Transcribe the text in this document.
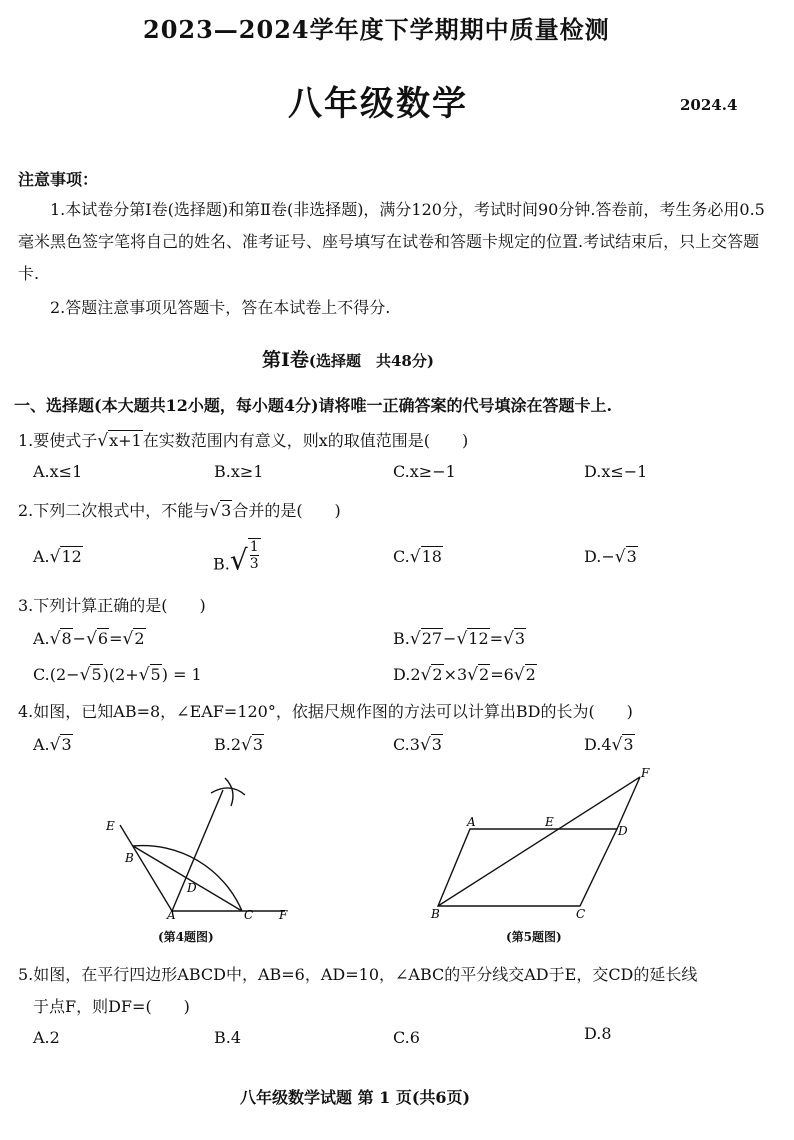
2023—2024学年度下学期期中质量检测
八年级数学	2024.4
注意事项：
1.本试卷分第Ⅰ卷(选择题)和第Ⅱ卷(非选择题)，满分120分，考试时间90分钟.答卷前，考生务必用0.5毫米黑色签字笔将自己的姓名、准考证号、座号填写在试卷和答题卡规定的位置.考试结束后，只上交答题卡.
2.答题注意事项见答题卡，答在本试卷上不得分.
第Ⅰ卷(选择题　共48分)
一、选择题(本大题共12小题，每小题4分)请将唯一正确答案的代号填涂在答题卡上.
1.要使式子√x+1在实数范围内有意义，则x的取值范围是(　　)
A.x≤1	B.x≥1	C.x≥−1	D.x≤−1
2.下列二次根式中，不能与√3合并的是(　　)
A.√12	$B.√ \frac{1}{3}$	C.√18	D.−√3
3.下列计算正确的是(　　)
A.√8−√6=√2	B.√27−√12=√3
C.(2−√5)(2+√5) = 1	D.2√2×3√2=6√2
4.如图，已知AB=8，∠EAF=120°，依据尺规作图的方法可以计算出BD的长为(　　)
A.√3	B.2√3	C.3√3	D.4√3
E
B
D
A	C F
(第4题图)
A	E
D
F
B	C
(第5题图)
5.如图，在平行四边形ABCD中，AB=6，AD=10，∠ABC的平分线交AD于E，交CD的延长线
于点F，则DF=(　　)
A.2	B.4	C.6	D.8
八年级数学试题 第 1 页(共6页)
